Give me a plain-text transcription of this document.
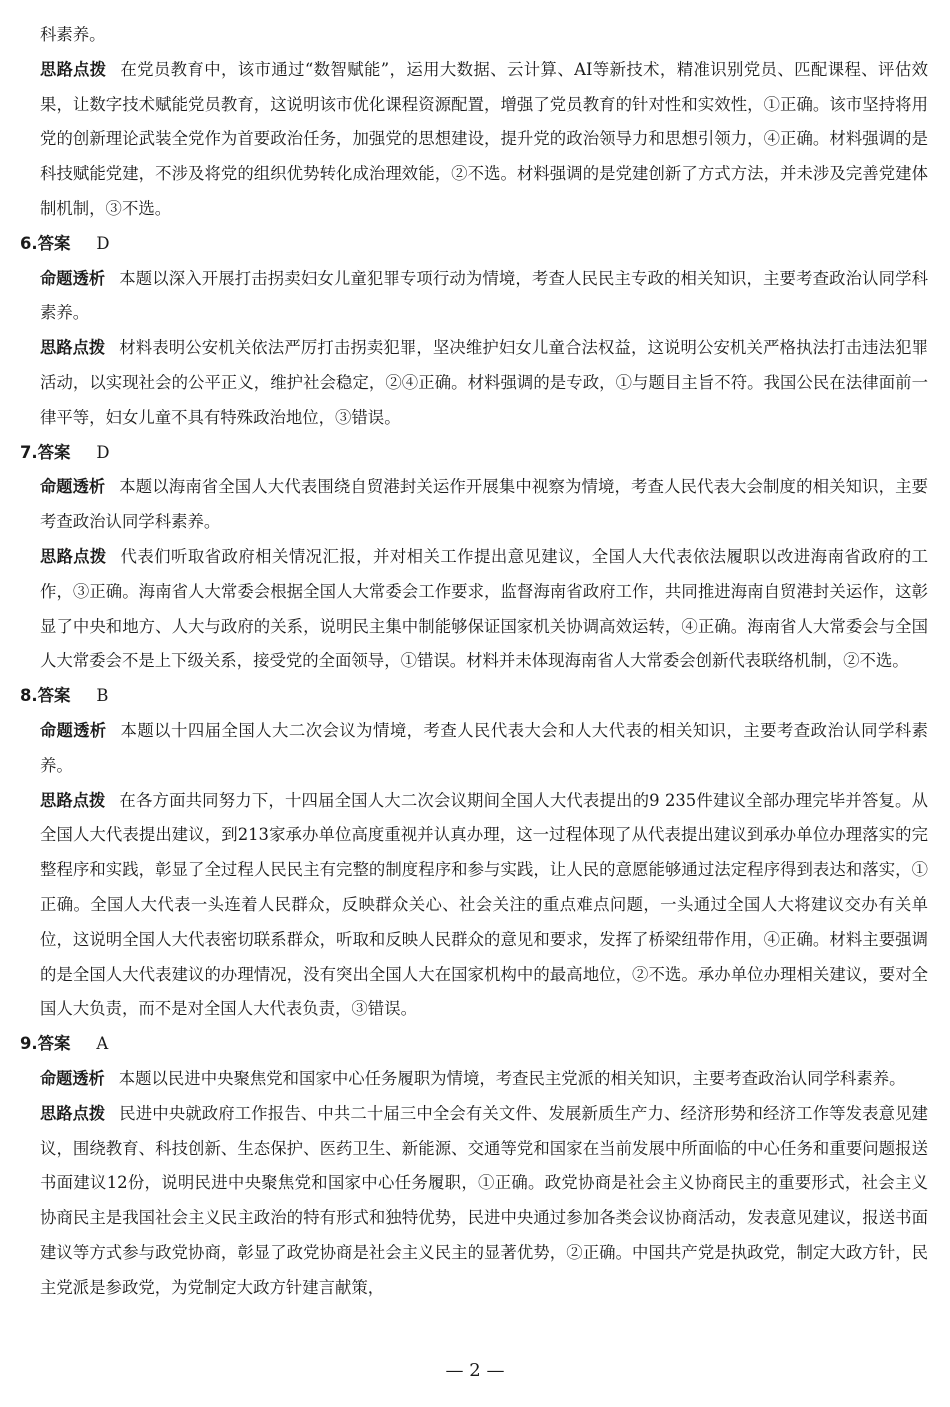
科素养。

思路点拨 在党员教育中，该市通过“数智赋能”，运用大数据、云计算、AI等新技术，精准识别党员、匹配课程、评估效果，让数字技术赋能党员教育，这说明该市优化课程资源配置，增强了党员教育的针对性和实效性，①正确。该市坚持将用党的创新理论武装全党作为首要政治任务，加强党的思想建设，提升党的政治领导力和思想引领力，④正确。材料强调的是科技赋能党建，不涉及将党的组织优势转化成治理效能，②不选。材料强调的是党建创新了方式方法，并未涉及完善党建体制机制，③不选。

6.答案 D

命题透析 本题以深入开展打击拐卖妇女儿童犯罪专项行动为情境，考查人民民主专政的相关知识，主要考查政治认同学科素养。

思路点拨 材料表明公安机关依法严厉打击拐卖犯罪，坚决维护妇女儿童合法权益，这说明公安机关严格执法打击违法犯罪活动，以实现社会的公平正义，维护社会稳定，②④正确。材料强调的是专政，①与题目主旨不符。我国公民在法律面前一律平等，妇女儿童不具有特殊政治地位，③错误。

7.答案 D

命题透析 本题以海南省全国人大代表围绕自贸港封关运作开展集中视察为情境，考查人民代表大会制度的相关知识，主要考查政治认同学科素养。

思路点拨 代表们听取省政府相关情况汇报，并对相关工作提出意见建议，全国人大代表依法履职以改进海南省政府的工作，③正确。海南省人大常委会根据全国人大常委会工作要求，监督海南省政府工作，共同推进海南自贸港封关运作，这彰显了中央和地方、人大与政府的关系，说明民主集中制能够保证国家机关协调高效运转，④正确。海南省人大常委会与全国人大常委会不是上下级关系，接受党的全面领导，①错误。材料并未体现海南省人大常委会创新代表联络机制，②不选。

8.答案 B

命题透析 本题以十四届全国人大二次会议为情境，考查人民代表大会和人大代表的相关知识，主要考查政治认同学科素养。

思路点拨 在各方面共同努力下，十四届全国人大二次会议期间全国人大代表提出的9 235件建议全部办理完毕并答复。从全国人大代表提出建议，到213家承办单位高度重视并认真办理，这一过程体现了从代表提出建议到承办单位办理落实的完整程序和实践，彰显了全过程人民民主有完整的制度程序和参与实践，让人民的意愿能够通过法定程序得到表达和落实，①正确。全国人大代表一头连着人民群众，反映群众关心、社会关注的重点难点问题，一头通过全国人大将建议交办有关单位，这说明全国人大代表密切联系群众，听取和反映人民群众的意见和要求，发挥了桥梁纽带作用，④正确。材料主要强调的是全国人大代表建议的办理情况，没有突出全国人大在国家机构中的最高地位，②不选。承办单位办理相关建议，要对全国人大负责，而不是对全国人大代表负责，③错误。

9.答案 A

命题透析 本题以民进中央聚焦党和国家中心任务履职为情境，考查民主党派的相关知识，主要考查政治认同学科素养。

思路点拨 民进中央就政府工作报告、中共二十届三中全会有关文件、发展新质生产力、经济形势和经济工作等发表意见建议，围绕教育、科技创新、生态保护、医药卫生、新能源、交通等党和国家在当前发展中所面临的中心任务和重要问题报送书面建议12份，说明民进中央聚焦党和国家中心任务履职，①正确。政党协商是社会主义协商民主的重要形式，社会主义协商民主是我国社会主义民主政治的特有形式和独特优势，民进中央通过参加各类会议协商活动，发表意见建议，报送书面建议等方式参与政党协商，彰显了政党协商是社会主义民主的显著优势，②正确。中国共产党是执政党，制定大政方针，民主党派是参政党，为党制定大政方针建言献策，

— 2 —
